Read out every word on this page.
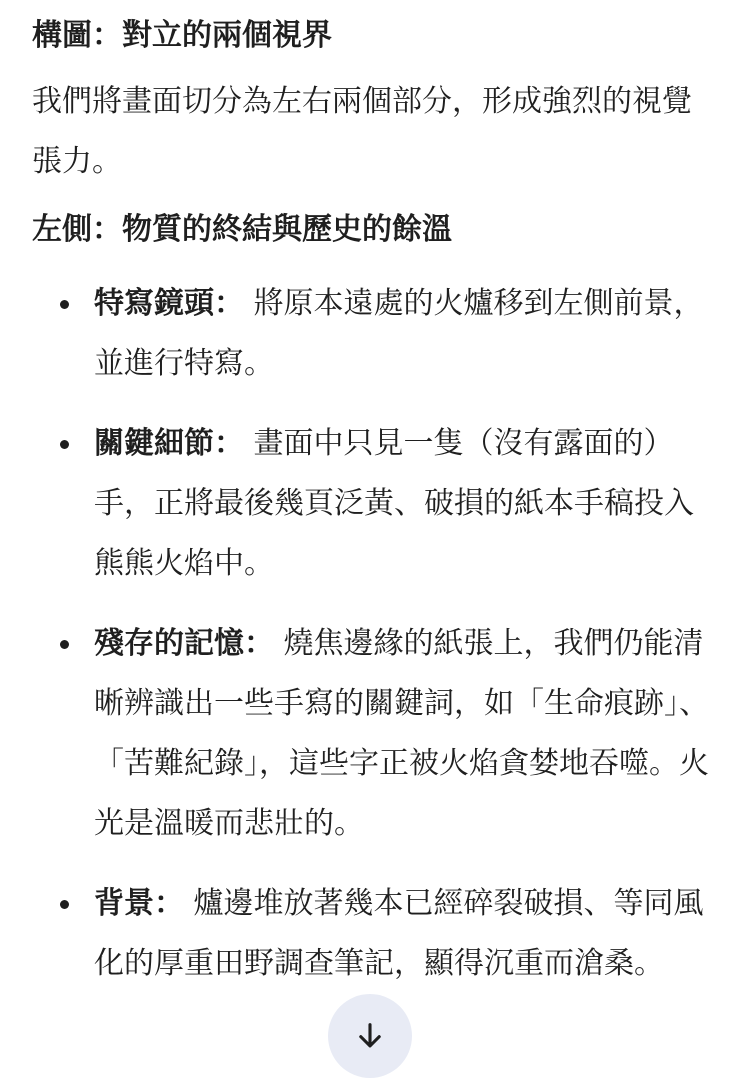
構圖：對立的兩個視界

我們將畫面切分為左右兩個部分，形成強烈的視覺張力。

左側：物質的終結與歷史的餘溫

特寫鏡頭： 將原本遠處的火爐移到左側前景，並進行特寫。
關鍵細節： 畫面中只見一隻（沒有露面的）手，正將最後幾頁泛黃、破損的紙本手稿投入熊熊火焰中。
殘存的記憶： 燒焦邊緣的紙張上，我們仍能清晰辨識出一些手寫的關鍵詞，如「生命痕跡」、「苦難紀錄」，這些字正被火焰貪婪地吞噬。火光是溫暖而悲壯的。
背景： 爐邊堆放著幾本已經碎裂破損、等同風化的厚重田野調查筆記，顯得沉重而滄桑。
